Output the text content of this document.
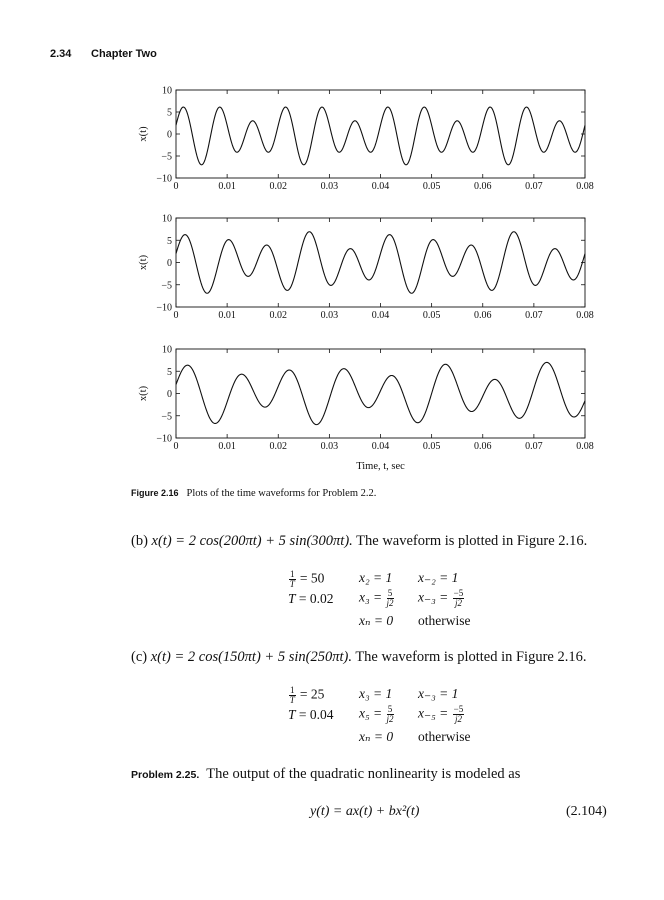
2.34 Chapter Two
0	0.01	0.02	0.03	0.04	0.05	0.06	0.07	0.08
10
5
0
−5
−10
x(t)
0	0.01	0.02	0.03	0.04	0.05	0.06	0.07	0.08
10
5
0
−5
−10
x(t)
0	0.01	0.02	0.03	0.04	0.05	0.06	0.07	0.08
10
5
0
−5
−10
x(t)
Time, t, sec
Figure 2.16 Plots of the time waveforms for Problem 2.2.
(b) x(t) = 2 cos(200πt) + 5 sin(300πt). The waveform is plotted in Figure 2.16.
$\frac{1}{T} = 50$	x₂ = 1 x₋₂ = 1
T = 0.02 $x_3 = \frac{5}{j2} x_{-3} = \frac{-5}{j2}$
xₙ = 0 otherwise
(c) x(t) = 2 cos(150πt) + 5 sin(250πt). The waveform is plotted in Figure 2.16.
$\frac{1}{T} = 25$	x₃ = 1 x₋₃ = 1
T = 0.04 $x_5 = \frac{5}{j2} x_{-5} = \frac{-5}{j2}$
xₙ = 0 otherwise
Problem 2.25. The output of the quadratic nonlinearity is modeled as
y(t) = ax(t) + bx²(t)	(2.104)
